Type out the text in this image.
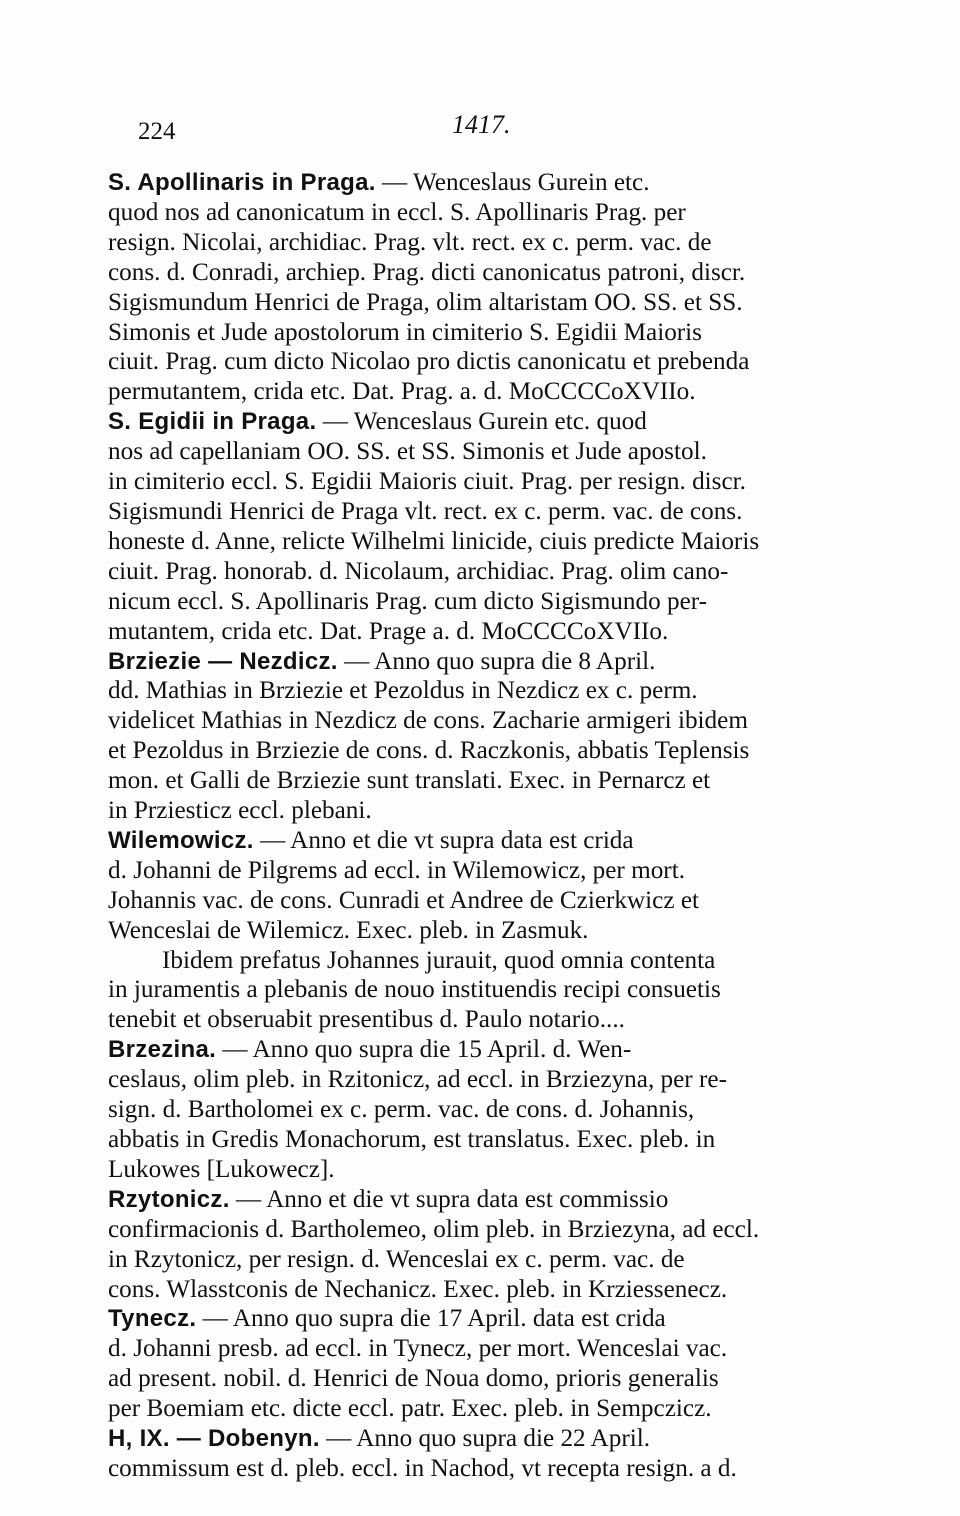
224	1417.
S. Apollinaris in Praga. — Wenceslaus Gurein etc.
quod nos ad canonicatum in eccl. S. Apollinaris Prag. per
resign. Nicolai, archidiac. Prag. vlt. rect. ex c. perm. vac. de
cons. d. Conradi, archiep. Prag. dicti canonicatus patroni, discr.
Sigismundum Henrici de Praga, olim altaristam OO. SS. et SS.
Simonis et Jude apostolorum in cimiterio S. Egidii Maioris
ciuit. Prag. cum dicto Nicolao pro dictis canonicatu et prebenda
permutantem, crida etc. Dat. Prag. a. d. MoCCCCoXVIIo.
S. Egidii in Praga. — Wenceslaus Gurein etc. quod
nos ad capellaniam OO. SS. et SS. Simonis et Jude apostol.
in cimiterio eccl. S. Egidii Maioris ciuit. Prag. per resign. discr.
Sigismundi Henrici de Praga vlt. rect. ex c. perm. vac. de cons.
honeste d. Anne, relicte Wilhelmi linicide, ciuis predicte Maioris
ciuit. Prag. honorab. d. Nicolaum, archidiac. Prag. olim cano-
nicum eccl. S. Apollinaris Prag. cum dicto Sigismundo per-
mutantem, crida etc. Dat. Prage a. d. MoCCCCoXVIIo.
Brziezie — Nezdicz. — Anno quo supra die 8 April.
dd. Mathias in Brziezie et Pezoldus in Nezdicz ex c. perm.
videlicet Mathias in Nezdicz de cons. Zacharie armigeri ibidem
et Pezoldus in Brziezie de cons. d. Raczkonis, abbatis Teplensis
mon. et Galli de Brziezie sunt translati. Exec. in Pernarcz et
in Prziesticz eccl. plebani.
Wilemowicz. — Anno et die vt supra data est crida
d. Johanni de Pilgrems ad eccl. in Wilemowicz, per mort.
Johannis vac. de cons. Cunradi et Andree de Czierkwicz et
Wenceslai de Wilemicz. Exec. pleb. in Zasmuk.
Ibidem prefatus Johannes jurauit, quod omnia contenta
in juramentis a plebanis de nouo instituendis recipi consuetis
tenebit et obseruabit presentibus d. Paulo notario....
Brzezina. — Anno quo supra die 15 April. d. Wen-
ceslaus, olim pleb. in Rzitonicz, ad eccl. in Brziezyna, per re-
sign. d. Bartholomei ex c. perm. vac. de cons. d. Johannis,
abbatis in Gredis Monachorum, est translatus. Exec. pleb. in
Lukowes [Lukowecz].
Rzytonicz. — Anno et die vt supra data est commissio
confirmacionis d. Bartholemeo, olim pleb. in Brziezyna, ad eccl.
in Rzytonicz, per resign. d. Wenceslai ex c. perm. vac. de
cons. Wlasstconis de Nechanicz. Exec. pleb. in Krziessenecz.
Tynecz. — Anno quo supra die 17 April. data est crida
d. Johanni presb. ad eccl. in Tynecz, per mort. Wenceslai vac.
ad present. nobil. d. Henrici de Noua domo, prioris generalis
per Boemiam etc. dicte eccl. patr. Exec. pleb. in Sempczicz.
H, IX. — Dobenyn. — Anno quo supra die 22 April.
commissum est d. pleb. eccl. in Nachod, vt recepta resign. a d.
